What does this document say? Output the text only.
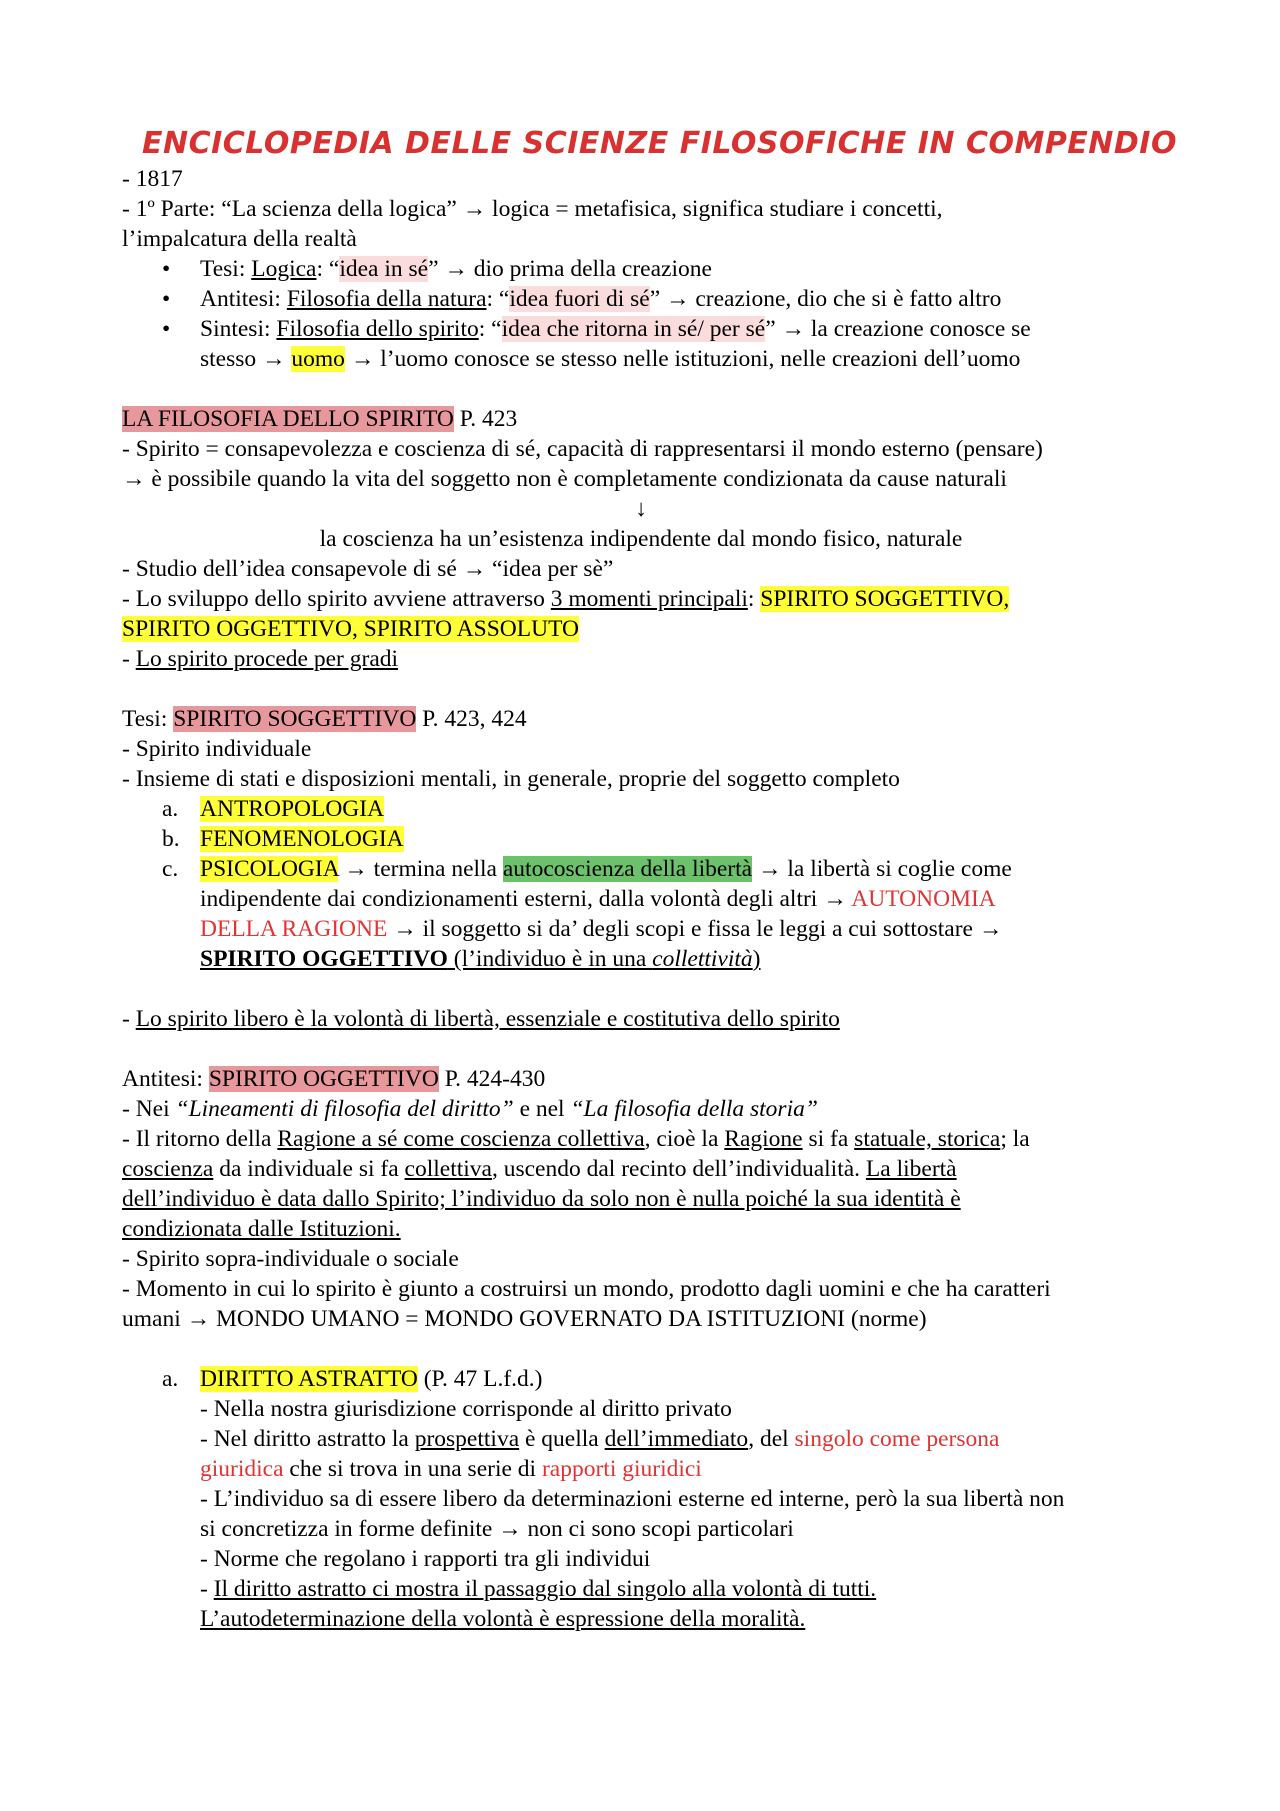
ENCICLOPEDIA DELLE SCIENZE FILOSOFICHE IN COMPENDIO

- 1817

- 1º Parte: “La scienza della logica” → logica = metafisica, significa studiare i concetti,

l’impalcatura della realtà

• Tesi: Logica: “idea in sé” → dio prima della creazione
• Antitesi: Filosofia della natura: “idea fuori di sé” → creazione, dio che si è fatto altro
• Sintesi: Filosofia dello spirito: “idea che ritorna in sé/ per sé” → la creazione conosce se
stesso → uomo → l’uomo conosce se stesso nelle istituzioni, nelle creazioni dell’uomo

LA FILOSOFIA DELLO SPIRITO P. 423

- Spirito = consapevolezza e coscienza di sé, capacità di rappresentarsi il mondo esterno (pensare)

→ è possibile quando la vita del soggetto non è completamente condizionata da cause naturali

↓

la coscienza ha un’esistenza indipendente dal mondo fisico, naturale

- Studio dell’idea consapevole di sé → “idea per sè”

- Lo sviluppo dello spirito avviene attraverso 3 momenti principali: SPIRITO SOGGETTIVO,

SPIRITO OGGETTIVO, SPIRITO ASSOLUTO

- Lo spirito procede per gradi

Tesi: SPIRITO SOGGETTIVO P. 423, 424

- Spirito individuale

- Insieme di stati e disposizioni mentali, in generale, proprie del soggetto completo

a. ANTROPOLOGIA
b. FENOMENOLOGIA
c. PSICOLOGIA → termina nella autocoscienza della libertà → la libertà si coglie come
indipendente dai condizionamenti esterni, dalla volontà degli altri → AUTONOMIA
DELLA RAGIONE → il soggetto si da’ degli scopi e fissa le leggi a cui sottostare →
SPIRITO OGGETTIVO (l’individuo è in una collettività)

- Lo spirito libero è la volontà di libertà, essenziale e costitutiva dello spirito

Antitesi: SPIRITO OGGETTIVO P. 424-430

- Nei “Lineamenti di filosofia del diritto” e nel “La filosofia della storia”

- Il ritorno della Ragione a sé come coscienza collettiva, cioè la Ragione si fa statuale, storica; la

coscienza da individuale si fa collettiva, uscendo dal recinto dell’individualità. La libertà

dell’individuo è data dallo Spirito; l’individuo da solo non è nulla poiché la sua identità è

condizionata dalle Istituzioni.

- Spirito sopra-individuale o sociale

- Momento in cui lo spirito è giunto a costruirsi un mondo, prodotto dagli uomini e che ha caratteri

umani → MONDO UMANO = MONDO GOVERNATO DA ISTITUZIONI (norme)

a. DIRITTO ASTRATTO (P. 47 L.f.d.)
- Nella nostra giurisdizione corrisponde al diritto privato
- Nel diritto astratto la prospettiva è quella dell’immediato, del singolo come persona
giuridica che si trova in una serie di rapporti giuridici
- L’individuo sa di essere libero da determinazioni esterne ed interne, però la sua libertà non
si concretizza in forme definite → non ci sono scopi particolari
- Norme che regolano i rapporti tra gli individui
- Il diritto astratto ci mostra il passaggio dal singolo alla volontà di tutti.
L’autodeterminazione della volontà è espressione della moralità.
